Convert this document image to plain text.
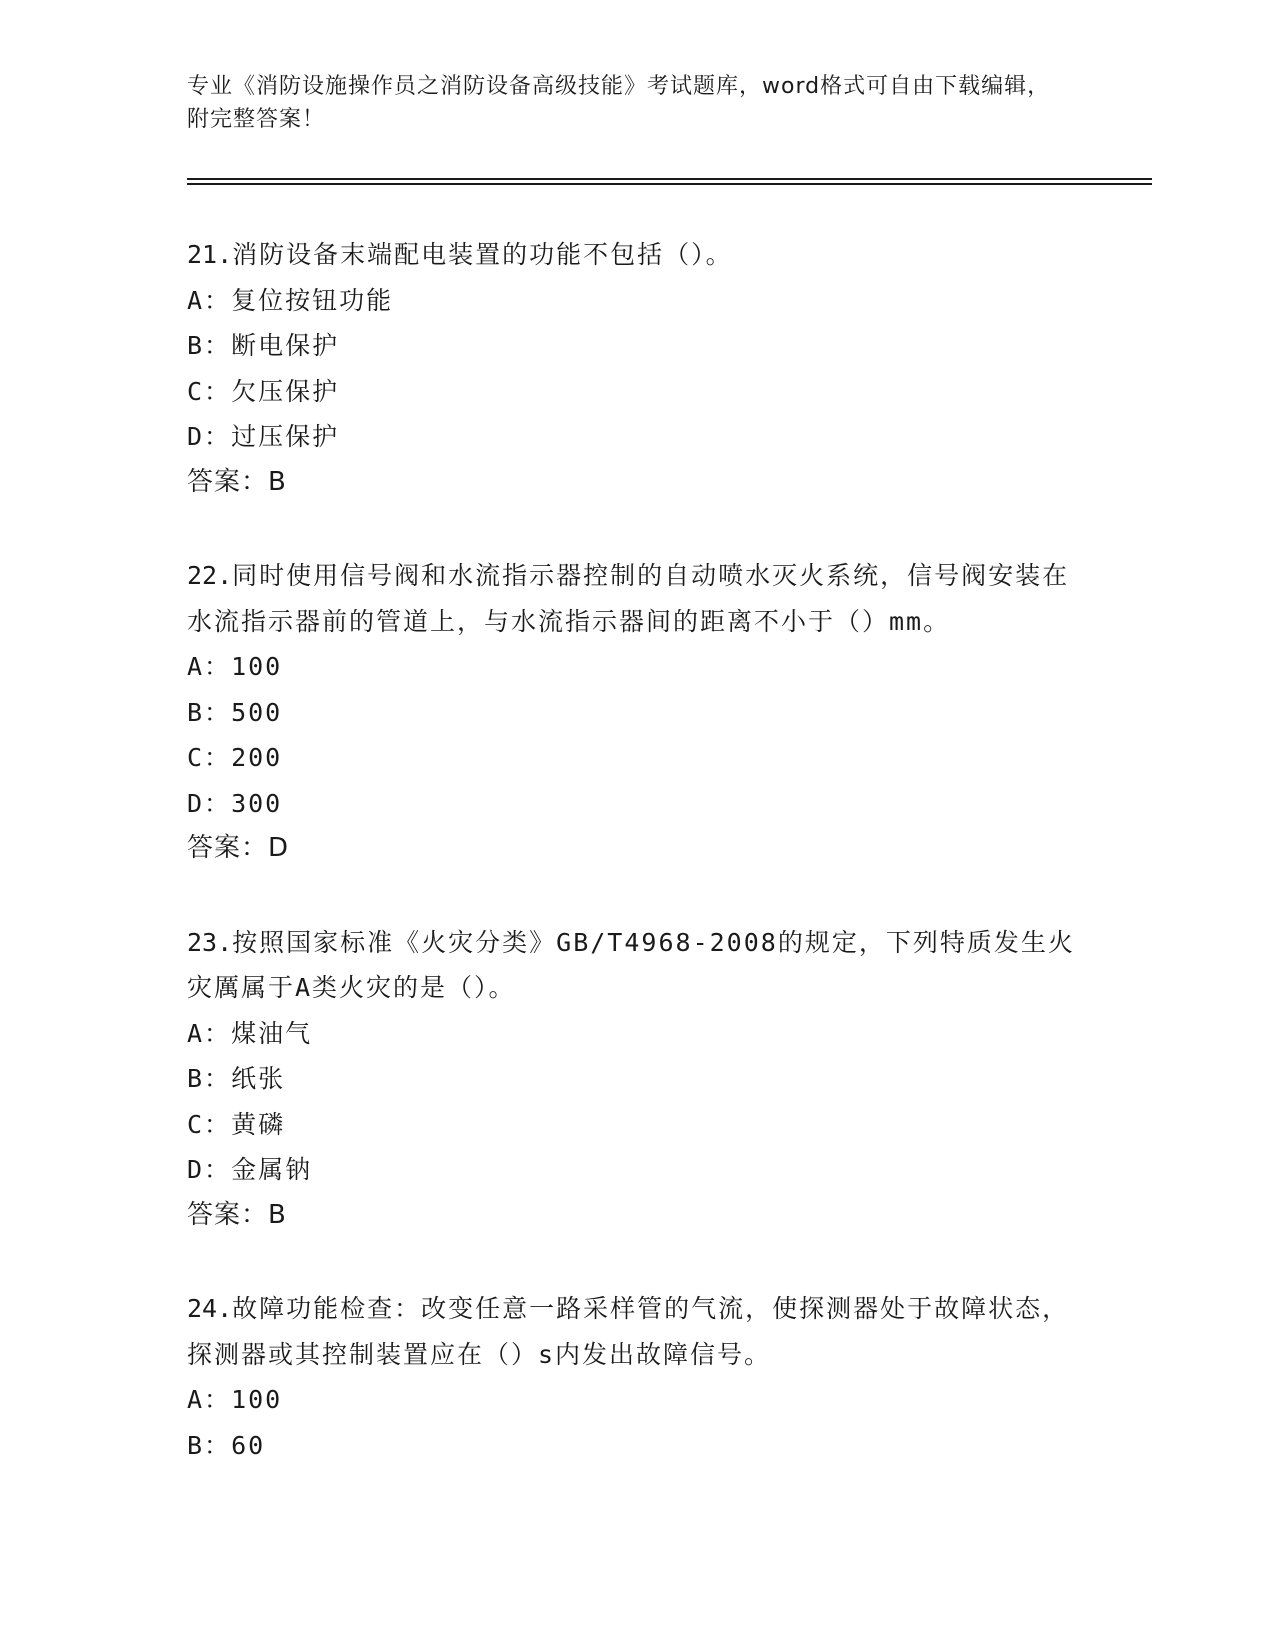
专业《消防设施操作员之消防设备高级技能》考试题库，word格式可自由下载编辑，附完整答案！
21.消防设备末端配电装置的功能不包括（）。
A：复位按钮功能
B：断电保护
C：欠压保护
D：过压保护
答案：B
22.同时使用信号阀和水流指示器控制的自动喷水灭火系统，信号阀安装在水流指示器前的管道上，与水流指示器间的距离不小于（）mm。
A：100
B：500
C：200
D：300
答案：D
23.按照国家标准《火灾分类》GB/T4968-2008的规定，下列特质发生火灾厲属于A类火灾的是（）。
A：煤油气
B：纸张
C：黄磷
D：金属钠
答案：B
24.故障功能检查：改变任意一路采样管的气流，使探测器处于故障状态，探测器或其控制装置应在（）s内发出故障信号。
A：100
B：60
